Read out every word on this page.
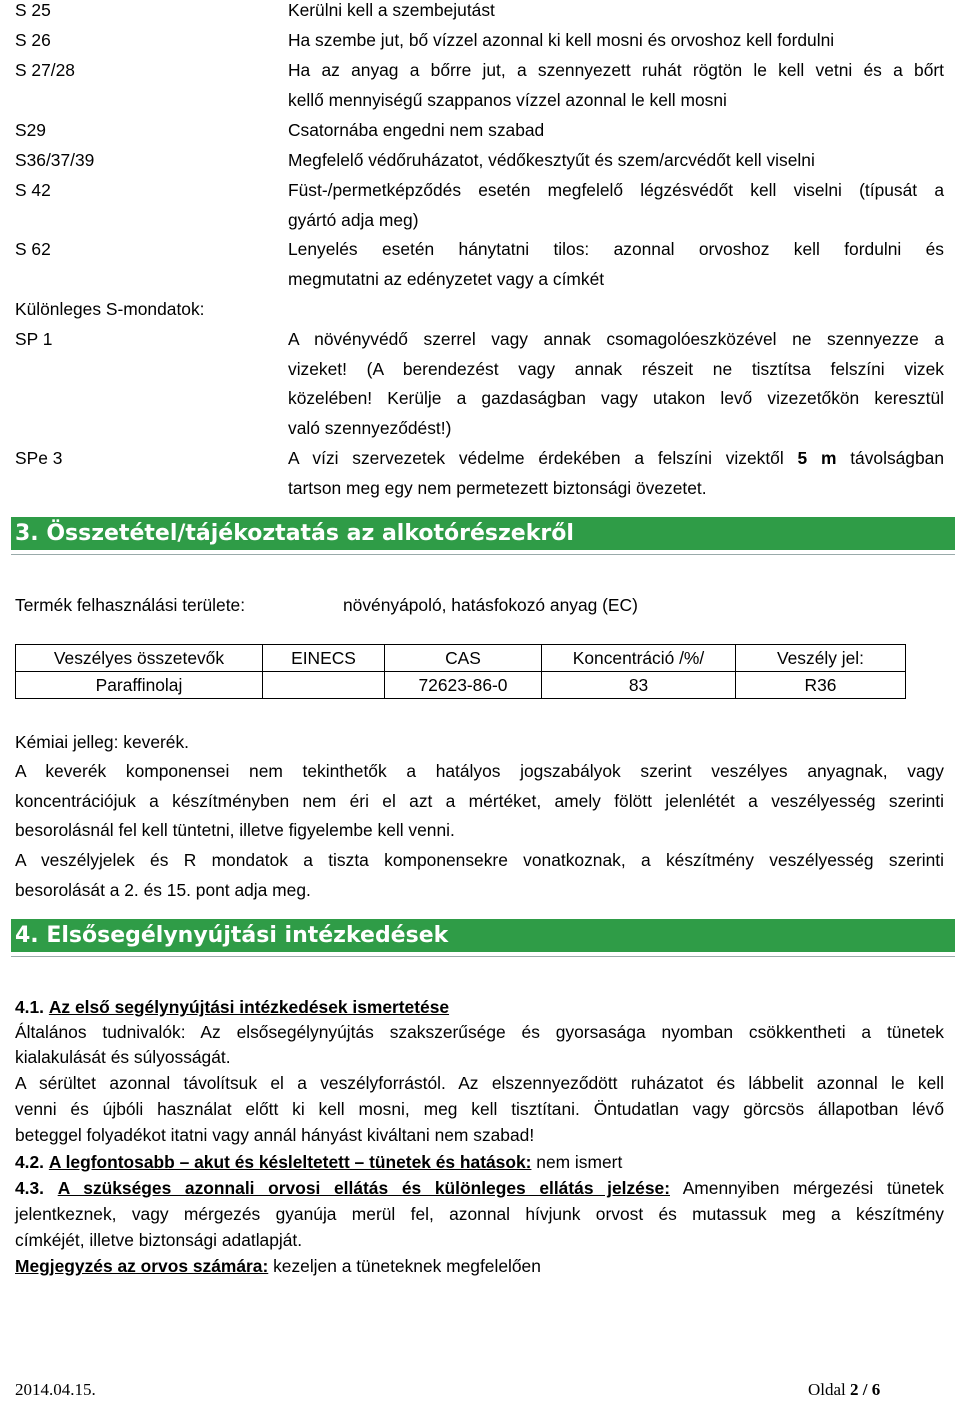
S 25	Kerülni kell a szembejutást
S 26	Ha szembe jut, bő vízzel azonnal ki kell mosni és orvoshoz kell fordulni
S 27/28	Ha az anyag a bőrre jut, a szennyezett ruhát rögtön le kell vetni és a bőrt
kellő mennyiségű szappanos vízzel azonnal le kell mosni
S29	Csatornába engedni nem szabad
S36/37/39	Megfelelő védőruházatot, védőkesztyűt és szem/arcvédőt kell viselni
S 42	Füst-/permetképződés esetén megfelelő légzésvédőt kell viselni (típusát a
gyártó adja meg)
S 62	Lenyelés esetén hánytatni tilos: azonnal orvoshoz kell fordulni és
megmutatni az edényzetet vagy a címkét
Különleges S-mondatok:
SP 1	A növényvédő szerrel vagy annak csomagolóeszközével ne szennyezze a
vizeket! (A berendezést vagy annak részeit ne tisztítsa felszíni vizek
közelében! Kerülje a gazdaságban vagy utakon levő vizezetőkön keresztül
való szennyeződést!)
SPe 3	A vízi szervezetek védelme érdekében a felszíni vizektől 5 m távolságban
tartson meg egy nem permetezett biztonsági övezetet.
3. Összetétel/tájékoztatás az alkotórészekről
Termék felhasználási területe:	növényápoló, hatásfokozó anyag (EC)
Veszélyes összetevők	EINECS	CAS	Koncentráció /%/	Veszély jel:
Paraffinolaj		72623-86-0	83	R36
Kémiai jelleg: keverék.
A keverék komponensei nem tekinthetők a hatályos jogszabályok szerint veszélyes anyagnak, vagy
koncentrációjuk a készítményben nem éri el azt a mértéket, amely fölött jelenlétét a veszélyesség szerinti
besorolásnál fel kell tüntetni, illetve figyelembe kell venni.
A veszélyjelek és R mondatok a tiszta komponensekre vonatkoznak, a készítmény veszélyesség szerinti
besorolását a 2. és 15. pont adja meg.
4. Elsősegélynyújtási intézkedések
4.1. Az első segélynyújtási intézkedések ismertetése
Általános tudnivalók: Az elsősegélynyújtás szakszerűsége és gyorsasága nyomban csökkentheti a tünetek
kialakulását és súlyosságát.
A sérültet azonnal távolítsuk el a veszélyforrástól. Az elszennyeződött ruházatot és lábbelit azonnal le kell
venni és újbóli használat előtt ki kell mosni, meg kell tisztítani. Öntudatlan vagy görcsös állapotban lévő
beteggel folyadékot itatni vagy annál hányást kiváltani nem szabad!
4.2. A legfontosabb – akut és késleltetett – tünetek és hatások: nem ismert
4.3. A szükséges azonnali orvosi ellátás és különleges ellátás jelzése: Amennyiben mérgezési tünetek
jelentkeznek, vagy mérgezés gyanúja merül fel, azonnal hívjunk orvost és mutassuk meg a készítmény
címkéjét, illetve biztonsági adatlapját.
Megjegyzés az orvos számára: kezeljen a tüneteknek megfelelően
2014.04.15.	Oldal 2 / 6
